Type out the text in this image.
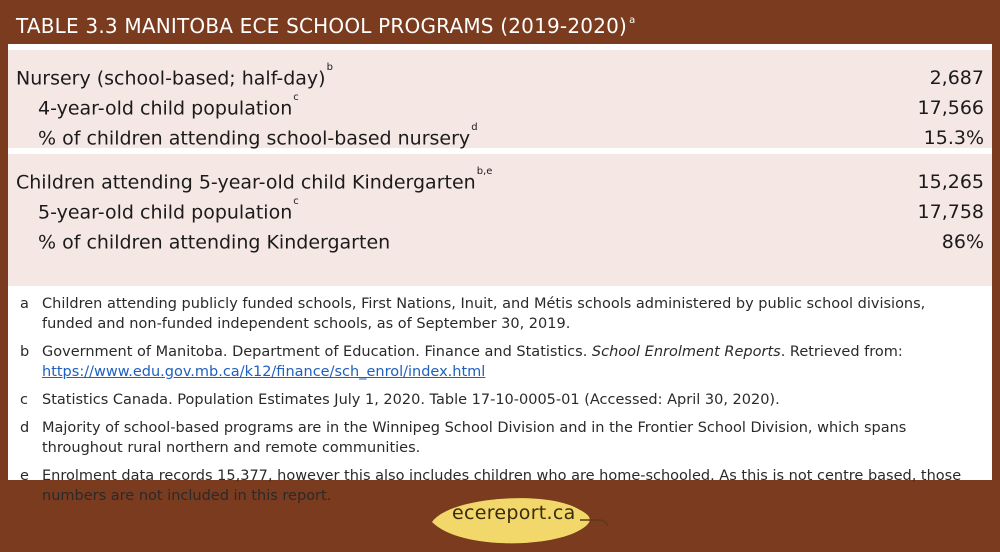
TABLE 3.3 MANITOBA ECE SCHOOL PROGRAMS (2019-2020)$^a$
Nursery (school-based; half-day)$^b$	2,687
4-year-old child population$^c$	17,566
% of children attending school-based nursery$^d$	15.3%
Children attending 5-year-old child Kindergarten$^{b,e}$	15,265
5-year-old child population$^c$	17,758
% of children attending Kindergarten	86%
a Children attending publicly funded schools, First Nations, Inuit, and Métis schools administered by public school divisions, funded and non-funded independent schools, as of September 30, 2019.
b Government of Manitoba. Department of Education. Finance and Statistics. School Enrolment Reports. Retrieved from: https://www.edu.gov.mb.ca/k12/finance/sch_enrol/index.html
c Statistics Canada. Population Estimates July 1, 2020. Table 17-10-0005-01 (Accessed: April 30, 2020).
d Majority of school-based programs are in the Winnipeg School Division and in the Frontier School Division, which spans throughout rural northern and remote communities.
e Enrolment data records 15,377, however this also includes children who are home-schooled. As this is not centre based, those numbers are not included in this report.
ecereport.ca
